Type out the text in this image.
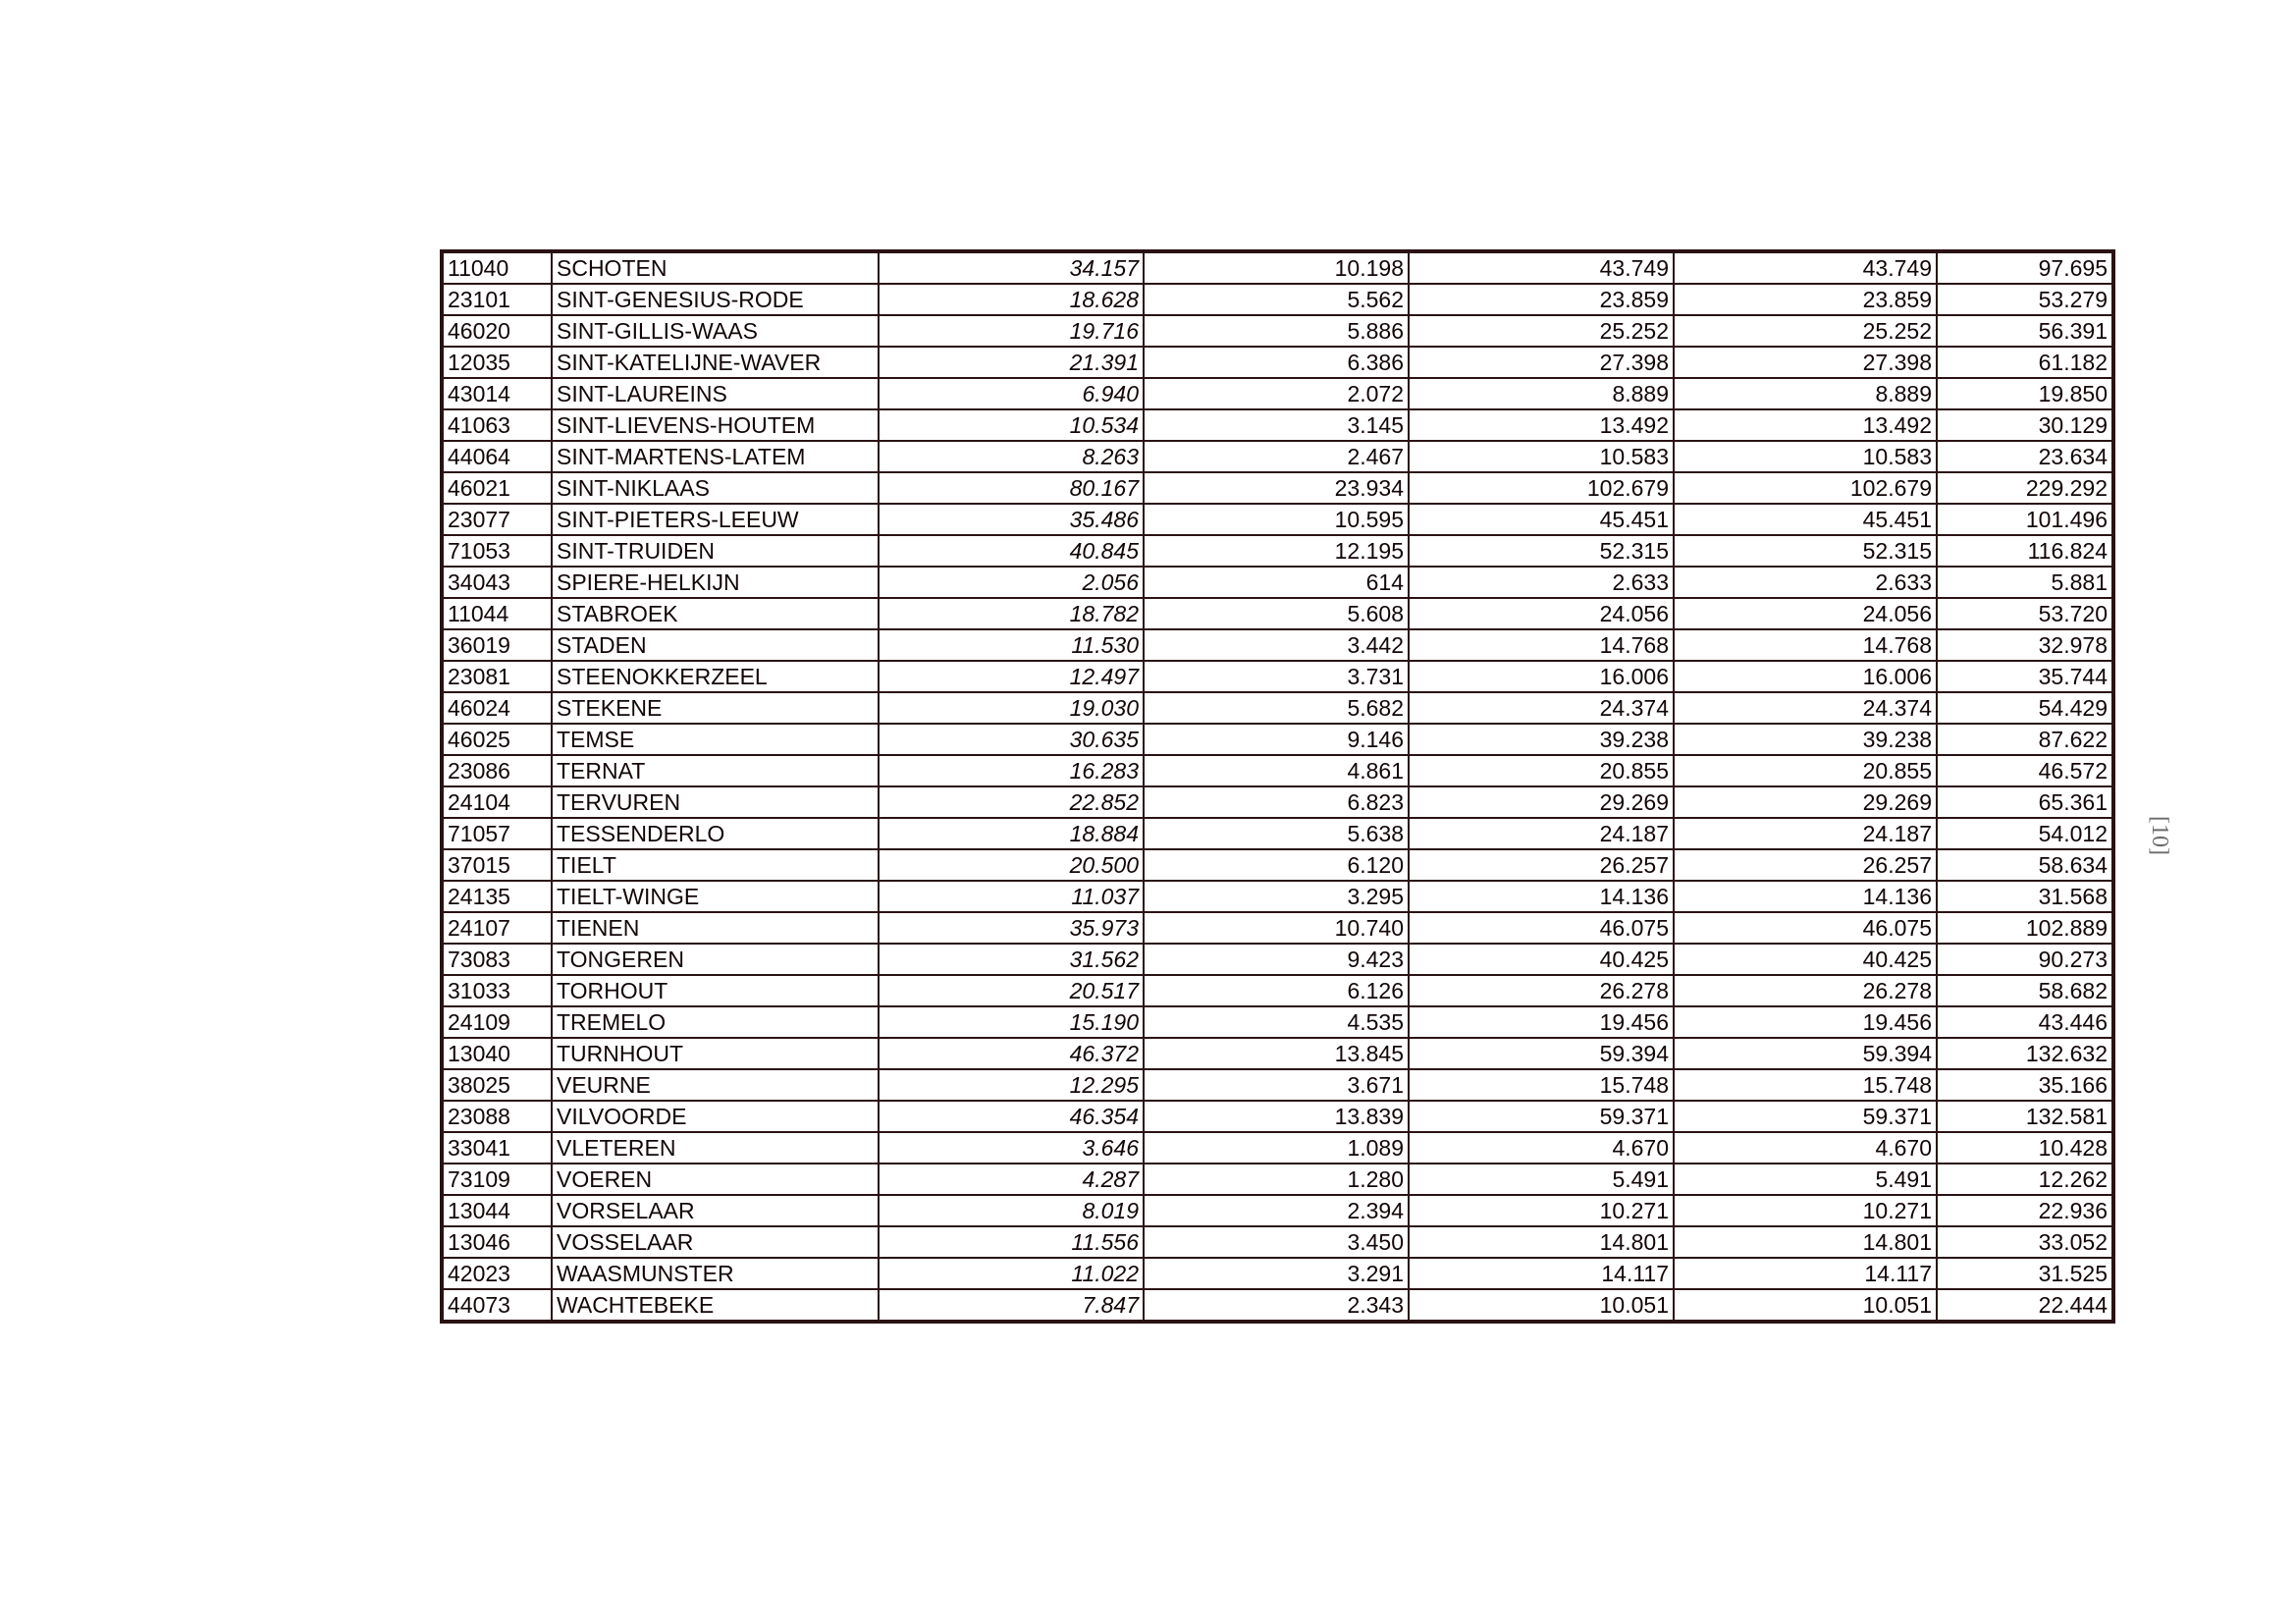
11040	SCHOTEN	34.157	10.198	43.749	43.749	97.695
23101	SINT-GENESIUS-RODE	18.628	5.562	23.859	23.859	53.279
46020	SINT-GILLIS-WAAS	19.716	5.886	25.252	25.252	56.391
12035	SINT-KATELIJNE-WAVER	21.391	6.386	27.398	27.398	61.182
43014	SINT-LAUREINS	6.940	2.072	8.889	8.889	19.850
41063	SINT-LIEVENS-HOUTEM	10.534	3.145	13.492	13.492	30.129
44064	SINT-MARTENS-LATEM	8.263	2.467	10.583	10.583	23.634
46021	SINT-NIKLAAS	80.167	23.934	102.679	102.679	229.292
23077	SINT-PIETERS-LEEUW	35.486	10.595	45.451	45.451	101.496
71053	SINT-TRUIDEN	40.845	12.195	52.315	52.315	116.824
34043	SPIERE-HELKIJN	2.056	614	2.633	2.633	5.881
11044	STABROEK	18.782	5.608	24.056	24.056	53.720
36019	STADEN	11.530	3.442	14.768	14.768	32.978
23081	STEENOKKERZEEL	12.497	3.731	16.006	16.006	35.744
46024	STEKENE	19.030	5.682	24.374	24.374	54.429
46025	TEMSE	30.635	9.146	39.238	39.238	87.622
23086	TERNAT	16.283	4.861	20.855	20.855	46.572
24104	TERVUREN	22.852	6.823	29.269	29.269	65.361
71057	TESSENDERLO	18.884	5.638	24.187	24.187	54.012
37015	TIELT	20.500	6.120	26.257	26.257	58.634
24135	TIELT-WINGE	11.037	3.295	14.136	14.136	31.568
24107	TIENEN	35.973	10.740	46.075	46.075	102.889
73083	TONGEREN	31.562	9.423	40.425	40.425	90.273
31033	TORHOUT	20.517	6.126	26.278	26.278	58.682
24109	TREMELO	15.190	4.535	19.456	19.456	43.446
13040	TURNHOUT	46.372	13.845	59.394	59.394	132.632
38025	VEURNE	12.295	3.671	15.748	15.748	35.166
23088	VILVOORDE	46.354	13.839	59.371	59.371	132.581
33041	VLETEREN	3.646	1.089	4.670	4.670	10.428
73109	VOEREN	4.287	1.280	5.491	5.491	12.262
13044	VORSELAAR	8.019	2.394	10.271	10.271	22.936
13046	VOSSELAAR	11.556	3.450	14.801	14.801	33.052
42023	WAASMUNSTER	11.022	3.291	14.117	14.117	31.525
44073	WACHTEBEKE	7.847	2.343	10.051	10.051	22.444
[10]
